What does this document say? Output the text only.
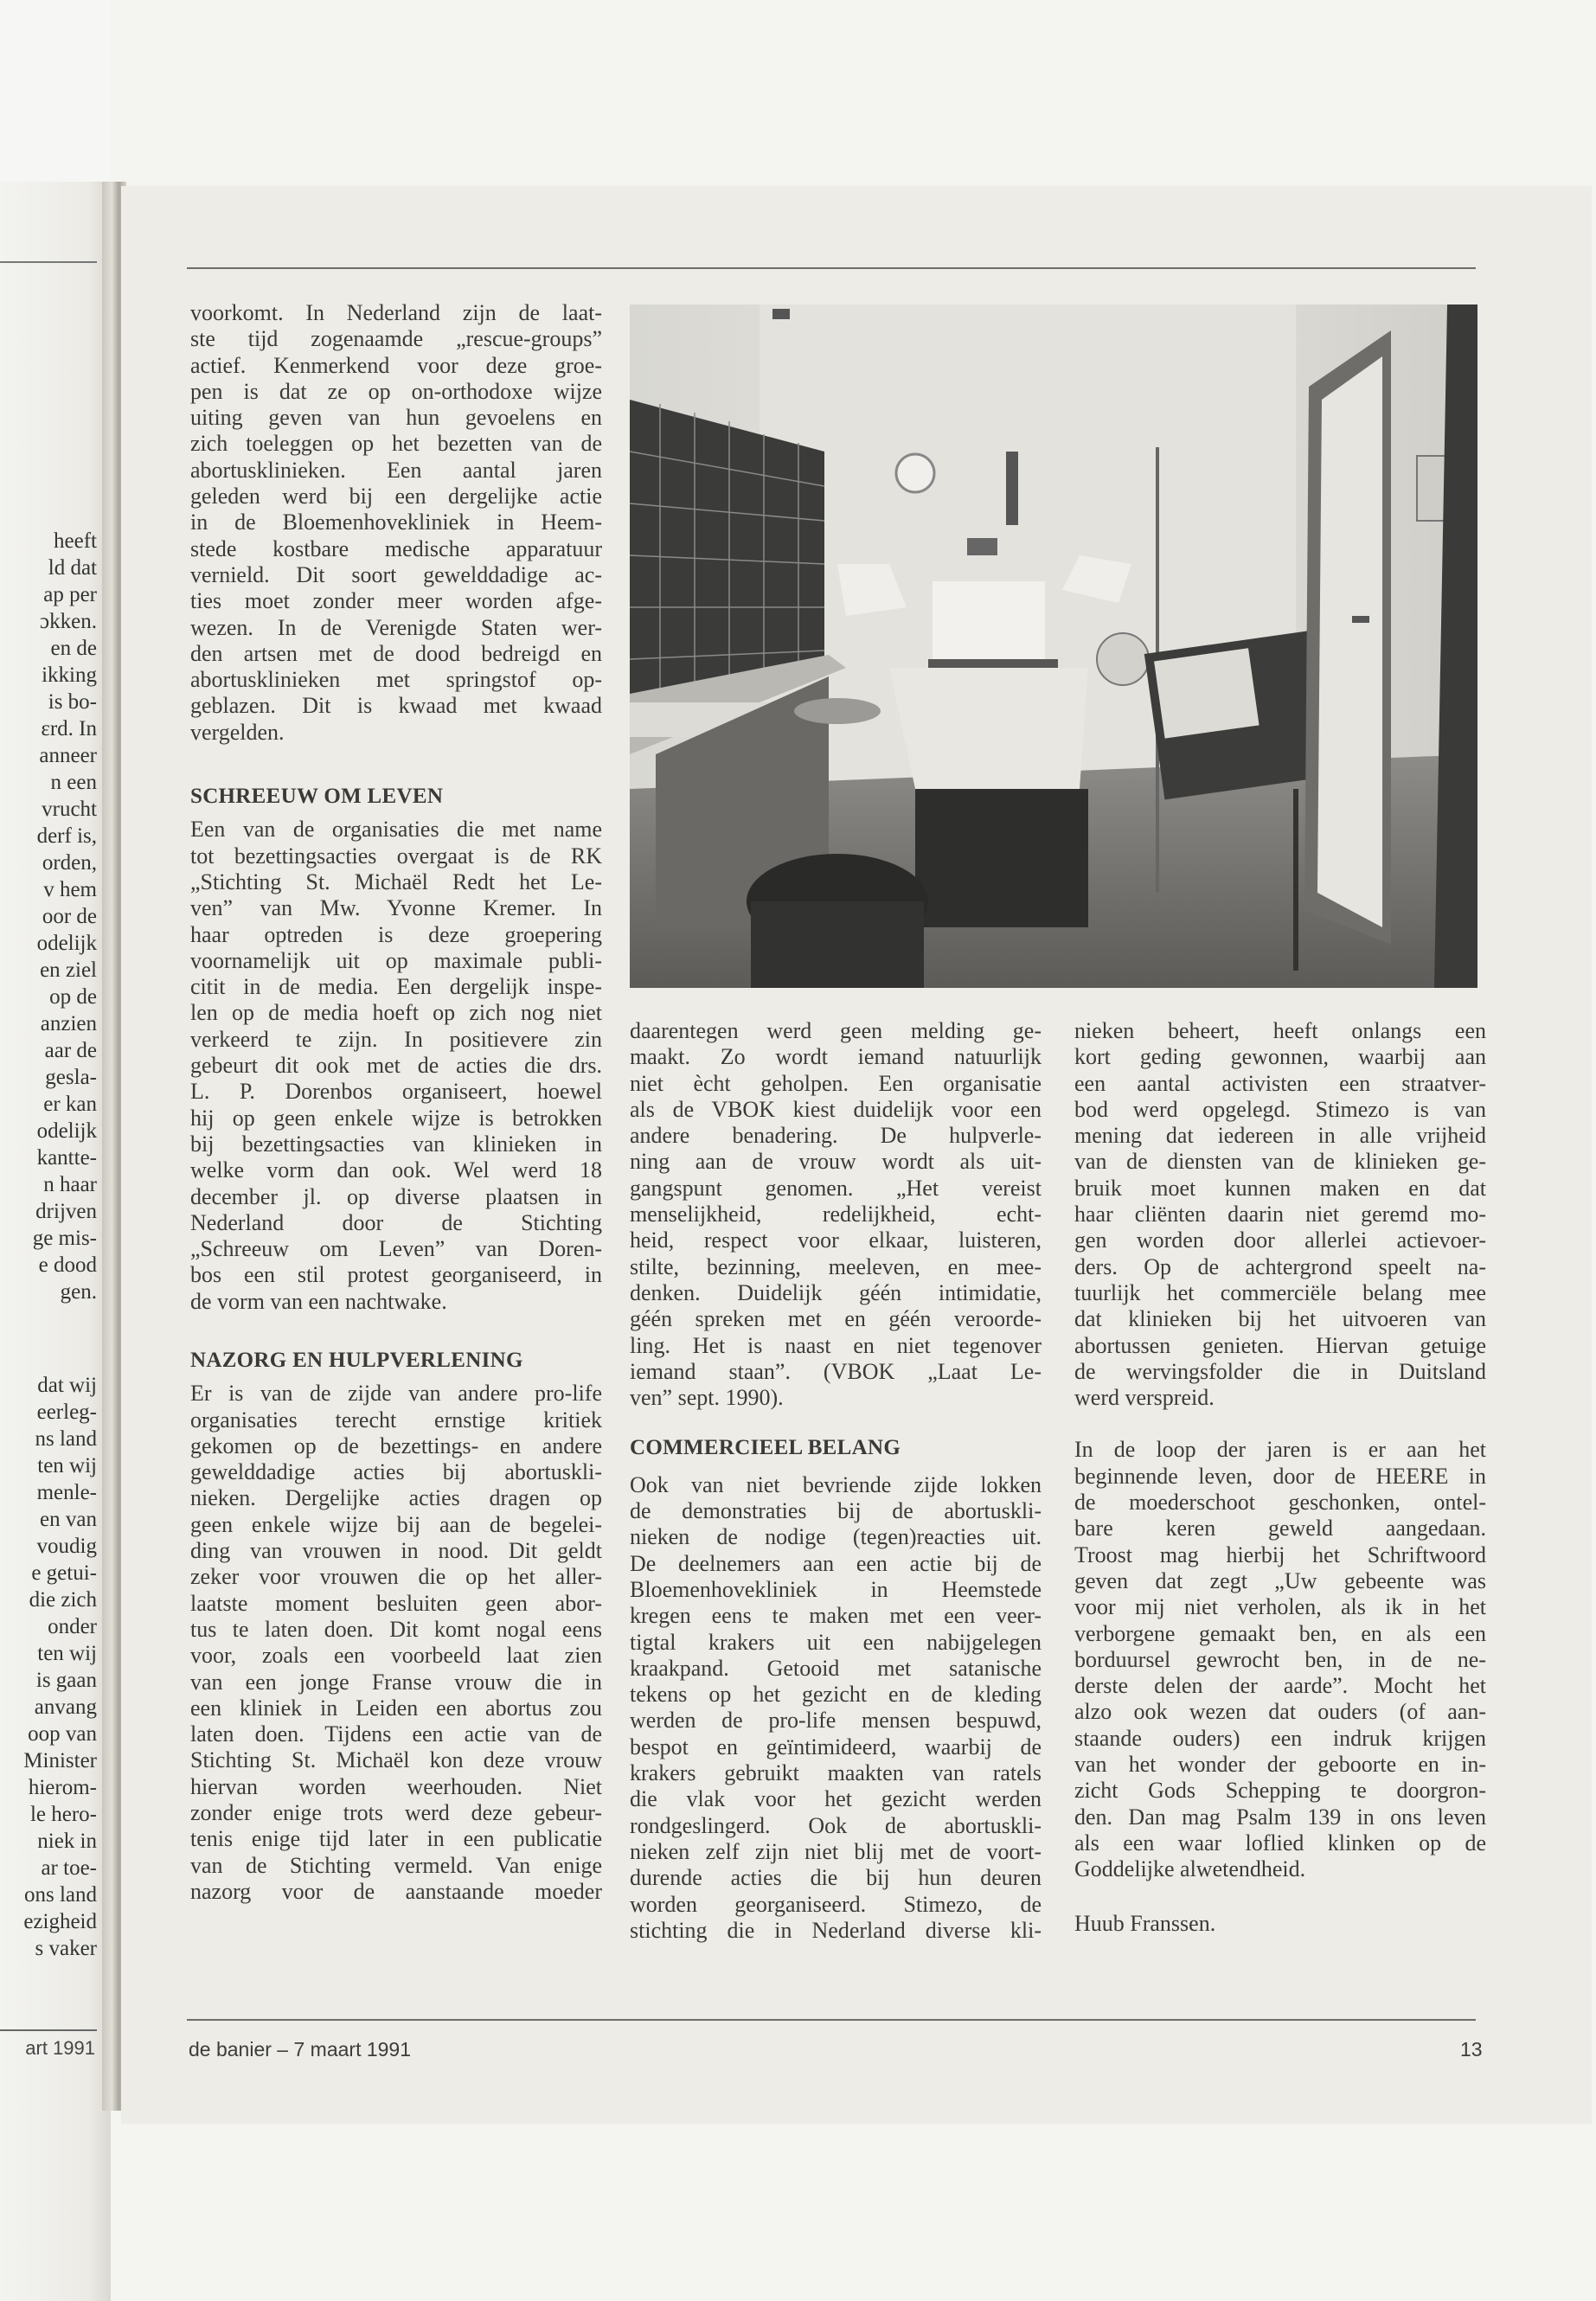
heeft
ld dat
ap per
ɔkken.
en de
ikking
is bo-
ɛrd. In
anneer
n een
vrucht
derf is,
orden,
v hem
oor de
odelijk
en ziel
op de
anzien
aar de
gesla-
er kan
odelijk
kantte-
n haar
drijven
ge mis-
e dood
gen.
dat wij
eerleg-
ns land
ten wij
menle-
en van
voudig
e getui-
die zich
onder
ten wij
is gaan
anvang
oop van
Minister
hierom-
le hero-
niek in
ar toe-
ons land
ezigheid
s vaker
art 1991
voorkomt. In Nederland zijn de laat-
ste tijd zogenaamde „rescue-groups”
actief. Kenmerkend voor deze groe-
pen is dat ze op on-orthodoxe wijze
uiting geven van hun gevoelens en
zich toeleggen op het bezetten van de
abortusklinieken. Een aantal jaren
geleden werd bij een dergelijke actie
in de Bloemenhovekliniek in Heem-
stede kostbare medische apparatuur
vernield. Dit soort gewelddadige ac-
ties moet zonder meer worden afge-
wezen. In de Verenigde Staten wer-
den artsen met de dood bedreigd en
abortusklinieken met springstof op-
geblazen. Dit is kwaad met kwaad
vergelden.
SCHREEUW OM LEVEN
Een van de organisaties die met name
tot bezettingsacties overgaat is de RK
„Stichting St. Michaël Redt het Le-
ven” van Mw. Yvonne Kremer. In
haar optreden is deze groepering
voornamelijk uit op maximale publi-
citit in de media. Een dergelijk inspe-
len op de media hoeft op zich nog niet
verkeerd te zijn. In positievere zin
gebeurt dit ook met de acties die drs.
L. P. Dorenbos organiseert, hoewel
hij op geen enkele wijze is betrokken
bij bezettingsacties van klinieken in
welke vorm dan ook. Wel werd 18
december jl. op diverse plaatsen in
Nederland door de Stichting
„Schreeuw om Leven” van Doren-
bos een stil protest georganiseerd, in
de vorm van een nachtwake.
NAZORG EN HULPVERLENING
Er is van de zijde van andere pro-life
organisaties terecht ernstige kritiek
gekomen op de bezettings- en andere
gewelddadige acties bij abortuskli-
nieken. Dergelijke acties dragen op
geen enkele wijze bij aan de begelei-
ding van vrouwen in nood. Dit geldt
zeker voor vrouwen die op het aller-
laatste moment besluiten geen abor-
tus te laten doen. Dit komt nogal eens
voor, zoals een voorbeeld laat zien
van een jonge Franse vrouw die in
een kliniek in Leiden een abortus zou
laten doen. Tijdens een actie van de
Stichting St. Michaël kon deze vrouw
hiervan worden weerhouden. Niet
zonder enige trots werd deze gebeur-
tenis enige tijd later in een publicatie
van de Stichting vermeld. Van enige
nazorg voor de aanstaande moeder
daarentegen werd geen melding ge-
maakt. Zo wordt iemand natuurlijk
niet ècht geholpen. Een organisatie
als de VBOK kiest duidelijk voor een
andere benadering. De hulpverle-
ning aan de vrouw wordt als uit-
gangspunt genomen. „Het vereist
menselijkheid, redelijkheid, echt-
heid, respect voor elkaar, luisteren,
stilte, bezinning, meeleven, en mee-
denken. Duidelijk géén intimidatie,
géén spreken met en géén veroorde-
ling. Het is naast en niet tegenover
iemand staan”. (VBOK „Laat Le-
ven” sept. 1990).
COMMERCIEEL BELANG
Ook van niet bevriende zijde lokken
de demonstraties bij de abortuskli-
nieken de nodige (tegen)reacties uit.
De deelnemers aan een actie bij de
Bloemenhovekliniek in Heemstede
kregen eens te maken met een veer-
tigtal krakers uit een nabijgelegen
kraakpand. Getooid met satanische
tekens op het gezicht en de kleding
werden de pro-life mensen bespuwd,
bespot en geïntimideerd, waarbij de
krakers gebruikt maakten van ratels
die vlak voor het gezicht werden
rondgeslingerd. Ook de abortuskli-
nieken zelf zijn niet blij met de voort-
durende acties die bij hun deuren
worden georganiseerd. Stimezo, de
stichting die in Nederland diverse kli-
nieken beheert, heeft onlangs een
kort geding gewonnen, waarbij aan
een aantal activisten een straatver-
bod werd opgelegd. Stimezo is van
mening dat iedereen in alle vrijheid
van de diensten van de klinieken ge-
bruik moet kunnen maken en dat
haar cliënten daarin niet geremd mo-
gen worden door allerlei actievoer-
ders. Op de achtergrond speelt na-
tuurlijk het commerciële belang mee
dat klinieken bij het uitvoeren van
abortussen genieten. Hiervan getuige
de wervingsfolder die in Duitsland
werd verspreid.
In de loop der jaren is er aan het
beginnende leven, door de HEERE in
de moederschoot geschonken, ontel-
bare keren geweld aangedaan.
Troost mag hierbij het Schriftwoord
geven dat zegt „Uw gebeente was
voor mij niet verholen, als ik in het
verborgene gemaakt ben, en als een
borduursel gewrocht ben, in de ne-
derste delen der aarde”. Mocht het
alzo ook wezen dat ouders (of aan-
staande ouders) een indruk krijgen
van het wonder der geboorte en in-
zicht Gods Schepping te doorgron-
den. Dan mag Psalm 139 in ons leven
als een waar loflied klinken op de
Goddelijke alwetendheid.
Huub Franssen.
de banier – 7 maart 1991	13
